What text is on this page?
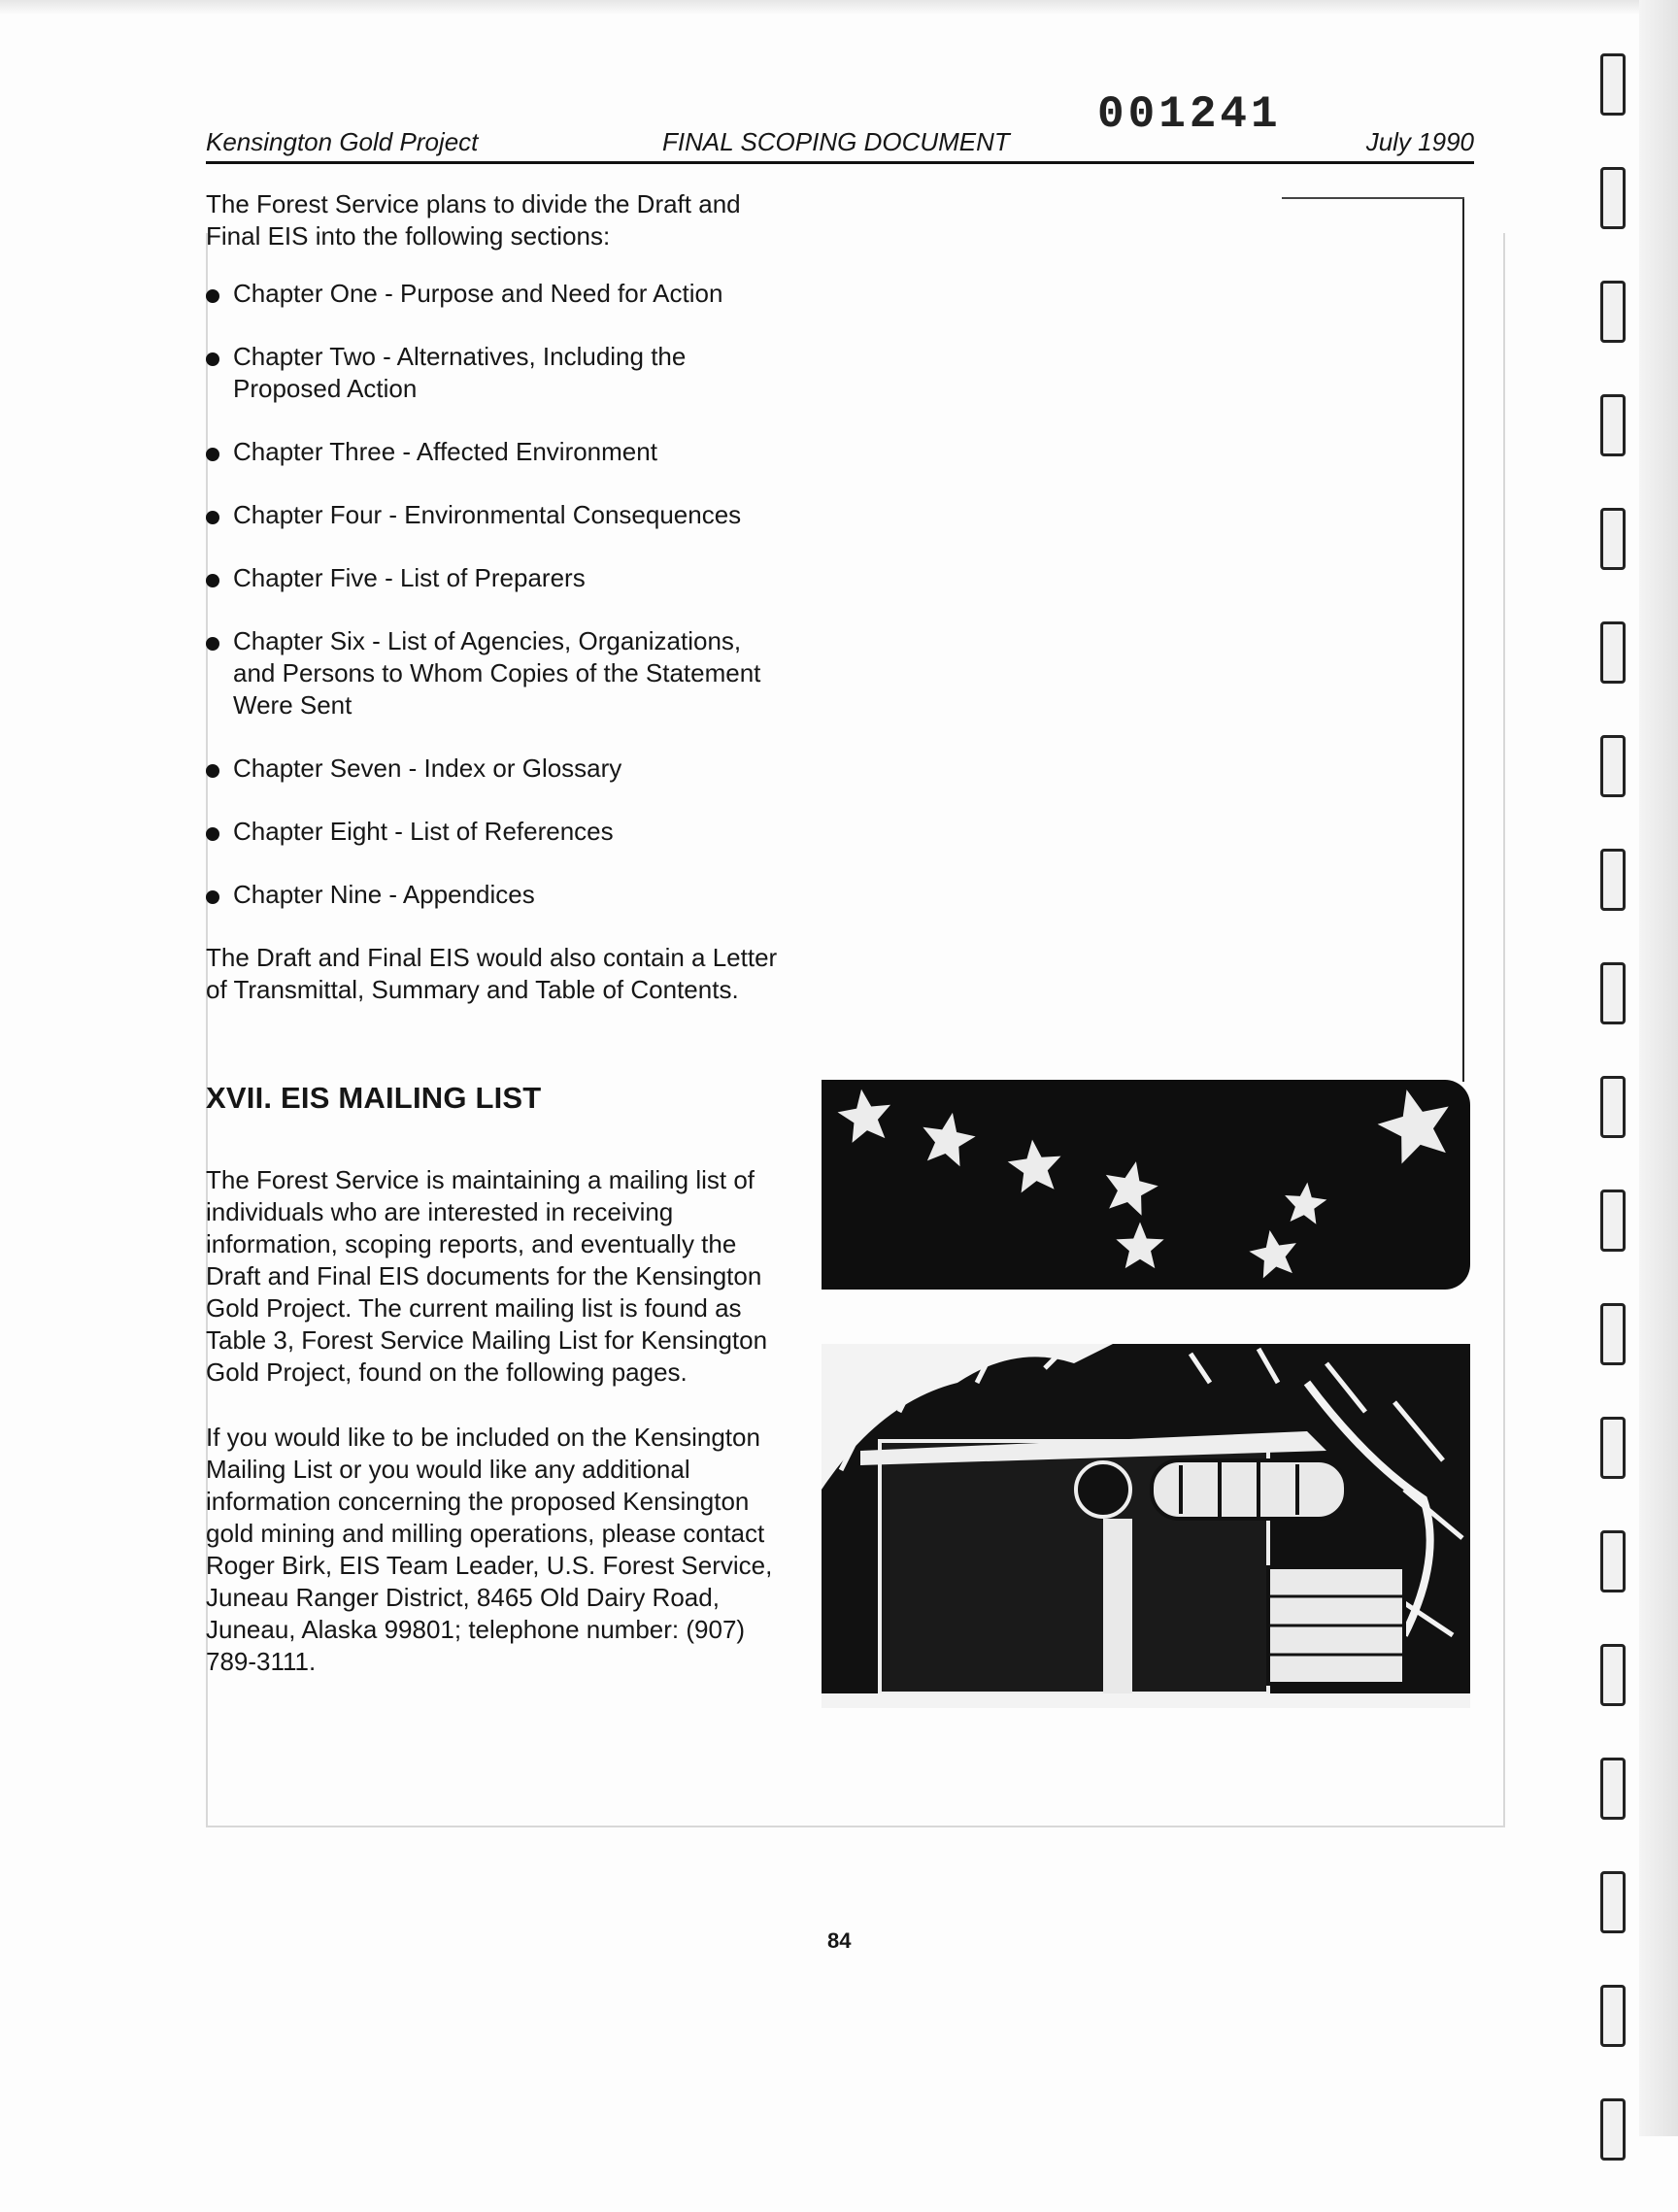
001241
Kensington Gold Project	FINAL SCOPING DOCUMENT	July 1990

The Forest Service plans to divide the Draft and Final EIS into the following sections:

Chapter One - Purpose and Need for Action
Chapter Two - Alternatives, Including the Proposed Action
Chapter Three - Affected Environment
Chapter Four - Environmental Consequences
Chapter Five - List of Preparers
Chapter Six - List of Agencies, Organizations, and Persons to Whom Copies of the Statement Were Sent
Chapter Seven - Index or Glossary
Chapter Eight - List of References
Chapter Nine - Appendices

The Draft and Final EIS would also contain a Letter of Transmittal, Summary and Table of Contents.

XVII. EIS MAILING LIST

The Forest Service is maintaining a mailing list of individuals who are interested in receiving information, scoping reports, and eventually the Draft and Final EIS documents for the Kensington Gold Project. The current mailing list is found as Table 3, Forest Service Mailing List for Kensington Gold Project, found on the following pages.

If you would like to be included on the Kensington Mailing List or you would like any additional information concerning the proposed Kensington gold mining and milling operations, please contact Roger Birk, EIS Team Leader, U.S. Forest Service, Juneau Ranger District, 8465 Old Dairy Road, Juneau, Alaska 99801; telephone number: (907) 789-3111.

84
